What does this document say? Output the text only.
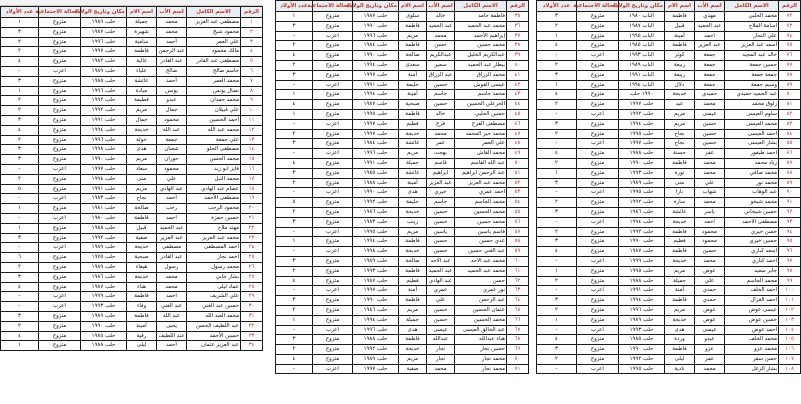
الرقم	الاسم الكامل	اسم الأب	اسم الام	مكان وتاريخ الولادة	الحالة الاجتماعية	عدد الأولاد
١	مصطفى عبد العزيز	محمد	جميلة	حلب ١٩٨٩	متزوج	١
٢	محمود شيخ	محمد	شهيرة	حلب ١٩٨٧	متزوج	٣
٣	علي العمر	أحمد	سامية	حلب ١٩٩٦	متزوج	٢
٤	مالك محمود	عبد الرحمن	فاطمة	حلب ١٩٩٧	متزوج	٢
٥	مصطفى عبد القادر	عبد القادر	غالية	حلب ١٩٨٢	متزوج	٤
٦	جاسم صالح	صالح	علياء	حلب ١٩٨٩	اعزب	-
٧	محمد العمر	أحمد	عائشة	حلب ١٩٨٥	متزوج	٣
٨	نضال يونس	يونس	ميادة	حلب ١٩٩٦	متزوج	١
٩	محمد حمدان	عبدو	فطيمة	حلب ١٩٩٢	متزوج	٢
١٠	علي قبيلان	جمال	مريم	حلب ١٩٩٢	متزوج	٢
١١	أحمد الحسين	محمود	جمال	حلب ١٩٩١	متزوج	٣
١٢	محمد عبد الله	عبد الله	خديجة	حلب ١٩٩٤	متزوج	٤
١٣	علي جمعة	جمعة	خولة	حلب ١٩٩٦	متزوج	٢
١٤	مصطفى الحلو	شعبان	هدى	حلب ١٩٩٨	متزوج	٣
١٥	محمد الحسن	حوران	مريم	حلب ١٩٩٠	متزوج	٣
١٦	فايز ابو زيد	محمود	سعاد	حلب ١٩٩٧	اعزب	-
١٧	محمد النبل	علي	منى	حلب ١٩٩٤	متزوج	٢
١٨	عصام عبد الهادي	عبد الهادي	مريم	حلب ١٩٩١	متزوج	٥
١٩	مصطفى الأحمد	أحمد	نجاح	حلب ١٩٨٣	اعزب	-
٢٠	محمود الرجب	رجب	صالحة	حلب ١٩٨١	متزوج	١
٢١	حسين حمزة	احمد	فاطمة	حلب ١٩٨٠	اعزب	-
٢٢	مهند ملاح	عبد الحميد	قبيل	حلب ١٩٨٨	متزوج	١
٢٣	محمد عبد العزيز	عبد العزيز	صفية	حلب ١٩٩٢	متزوج	٣
٢٤	احمد المصطفى	مصطفى	خديجة	حلب ١٩٨٩	اعزب	-
٢٥	احمد نجار	عبد القادر	صبحية	حلب ١٩٧٥	متزوج	٦
٢٦	محمد رسول	رسول	هيفاء	حلب ١٩٨٩	متزوج	٢
٢٧	بشار جابي	محمد	خديجة	حلب ١٩٨٦	متزوج	٣
٢٨	عماد ليلى	محمد	هناء	حلب ١٩٨٧	متزوج	٤
٢٩	علي الشريف	احمد	فاطمة	حلب ١٩٩٩	اعزب	-
٣٠	حسين عبد الغني	عبد الغني	وفاء	حلب ١٩٩٣	اعزب	-
٣١	محمد العبد الله	عبد الله	فاطمة	حلب ١٩٨٩	متزوج	٣
٣٢	عبد اللطيف الحسن	يحيى	أمينة	حلب ١٩٩٠	متزوج	٢
٣٣	حسين الأحمد	عبد اللطيف	رقية	حلب ١٩٨٥	متزوج	٤
٣٤	عبد العزيز عثمان	أحمد	ليلى	حلب ١٩٨٨	متزوج	١
الرقم	الاسم الكامل	اسم الأب	اسم الام	مكان وتاريخ الولادة	الحالة الاجتماعية	عدد الأولاد
٣٥	فاطمة حامد	خالد	سلوى	حلب ١٩٨٧	متزوج	١
٣٦	محمد عبد الحميد	عبد الحميد	فاطمة	حلب ١٩٩٠	متزوج	٣
٣٧	إبراهيم الأحمد	محمد	مريم	حلب ١٩٩٦	اعزب	-
٣٨	محمد حسين	حسن	فاطمة	حلب ١٩٨٤	متزوج	٢
٣٩	عبدالكريم الخليل	عبدالكريم	صالحة	حلب ١٩٩٠	متزوج	٤
٤٠	بيطار عبد الحميد	سمير	سعدى	حلب ١٩٩٤	متزوج	٢
٤١	محمد الرزاق	عبد الرزاق	آمنة	حلب ١٩٩٧	متزوج	٣
٤٢	عيسى القوش	حسين	حليمة	حلب ١٩٩١	اعزب	-
٤٣	محمد جاسم	جاسم	أمينة	حلب ١٩٩٤	متزوج	١
٤٤	الخزعلي الحسين	حسين	صبحية	حلب ١٩٨٧	متزوج	٤
٤٥	حسين الحلبي	خالد	فاطمة	حلب ١٩٩٥	متزوج	١
٤٦	مصطفى الفرج	فرج	فطيم	حلب ١٩٩٧	اعزب	-
٤٧	محمد خير المحمد	محمد	خديجة	حلب ١٩٩٧	متزوج	٢
٤٨	علي العمر	عمر	عائشة	حلب ١٩٨٤	متزوج	٣
٤٩	محمد القاش	بهجت	مريم	حلب ١٩٩٦	اعزب	-
٥٠	عبد الله القاسم	قاسم	جميلة	حلب ١٩٩١	متزوج	٤
٥١	عبد الرحمن ابراهيم	ابراهيم	عائشة	حلب ١٩٨٥	متزوج	٣
٥٢	محمد عبد العزيز	عبد العزيز	أمينة	حلب ١٩٨٨	متزوج	٢
٥٣	احمد عمري	خيري	هدى	حلب ١٩٩٠	اعزب	-
٥٤	محمد الجاسم	جاسم	حليمة	حلب ١٩٩٢	متزوج	٥
٥٥	محمد الحسين	حسين	خديجة	حلب ١٩٨٦	متزوج	٢
٥٦	محمد حسين	حسين	زينب	حلب ١٩٨٣	متزوج	٣
٥٧	قاسم ياسين	ياسين	مريم	حلب ١٩٩٥	اعزب	-
٥٨	عدي حسين	حسين	فاطمة	حلب ١٩٩٤	متزوج	١
٥٩	عبد الغني حسين	حسين	خديجة	حلب ١٩٩٨	اعزب	-
٦٠	محمد عبد الاحد	عبد الاحد	صالحة	حلب ١٩٨٩	متزوج	٣
٦١	محمد عبد الحميد	عبد الحميد	فاطمة	حلب ١٩٩٣	متزوج	٢
٦٢	حسن	عبد الهادي	فطيم	حلب ١٩٨٧	متزوج	٤
٦٣	نور عمري	عمري	آمنة	حلب ١٩٩٧	اعزب	-
٦٤	عبد الرحمن	علي	فاطمة	حلب ١٩٩٠	متزوج	٣
٦٥	عثمان الحسين	حسين	مريم	حلب ١٩٨٦	متزوج	٢
٦٦	محمد الحسين	حسين	جميلة	حلب ١٩٩٤	متزوج	١
٦٧	عبد الخالق العيسى	عيسى	هدى	حلب ١٩٩٦	اعزب	-
٦٨	هناء عبدالله	عبدالله	فاطمة	حلب ١٩٨٨	متزوج	٣
٦٩	حسين نجار	نجار	خديجة	حلب ١٩٩٢	متزوج	٢
٧٠	محمد نجار	نجار	مريم	حلب ١٩٨٩	متزوج	٤
٧١	محمد نجار	محمد	صفية	حلب ١٩٩٧	اعزب	-
الرقم	الاسم الكامل	اسم الأب	اسم الام	مكان وتاريخ الولادة	الحالة الاجتماعية	عدد الأولاد
٧٢	محمد الحلبي	مهدي	فاطمة	الباب ١٩٨٠	متزوج	٣
٧٣	اسامة الملاح	عبد الحميد	قبيل	الباب ١٩٨٧	متزوج	٢
٧٤	علي النجار	احمد	أمينة	الباب ١٩٩٥	متزوج	١
٧٥	أسعد عبد العزيز	عبد العزيز	فاطمة	الباب ١٩٨٥	متزوج	٤
٧٦	خالد عبد المجيد	جمعة	كوثر	الباب ١٩٩٣	اعزب	-
٧٧	حسين جمعة	جمعة	ربيعة	الباب ١٩٨٩	متزوج	٢
٧٨	جمعة جمعة	جمعة	ربيعة	الباب ١٩٩١	متزوج	٣
٧٩	وسيم جمعة	جمعة	دلال	الباب ١٩٩٤	متزوج	١
٨٠	عبد الحميد حميدي	حميدي	خديجة	١٩٩٠ حلب	متزوج	٤
٨١	زلوق محمد	محمد	عيد	حلب ١٩٩٧	متزوج	٢
٨٢	سلوم العيسى	عيسى	مريم	حلب ١٩٩٢	اعزب	-
٨٣	محمد العيسى	حسين	مريم	حلب ١٩٩٤	متزوج	٣
٨٤	احمد العيسى	حسين	نجاح	حلب ١٩٩٥	متزوج	٢
٨٥	بشار العيسى	حسين	نجاح	حلب ١٩٩٧	اعزب	-
٨٦	احمد طيفور	عمر	حسنة	حلب ١٩٨٨	متزوج	٤
٨٧	زياد محمد	محمد	فاطمة	حلب ١٩٩٠	متزوج	٢
٨٨	محمد صافي	محمد	نورة	حلب ١٩٩٣	متزوج	١
٨٩	محمد نور	علي	منى	حلب ١٩٨٩	متزوج	٣
٩٠	عبد الوهاب	شهاب	بارا	حلب ١٩٩٥	اعزب	-
٩١	محمد شيخو	محمد	سارة	حلب ١٩٩٢	متزوج	٢
٩٢	حسين شيخاني	ياسر	عائشة	حلب ١٩٨٦	متزوج	٣
٩٣	مصطفى الاحمد	احمد	خديجة	حلب ١٩٩٤	اعزب	-
٩٤	حسن خيري	محمود	فاطمة	حلب ١٩٩٢	متزوج	٢
٩٥	حسين خيري	محمود	فطيم	حلب ١٩٩٠	متزوج	٣
٩٦	اسعد كباري	حسين	فاطمة	حلب ١٩٨٧	متزوج	٤
٩٧	احمد كباري	محمد	خديجة	حلب ١٩٩٩	اعزب	-
٩٨	جابر سعيد	عوض	مريم	حلب ١٩٩٥	متزوج	١
٩٩	محمد الجاسم	علي	جميلة	حلب ١٩٨٨	متزوج	٢
١٠٠	احمد الخلف	حمدي	آمنة	حلب ١٩٩١	اعزب	-
١٠١	احمد الغزال	حمدي	فاطمة	حلب ١٩٩٤	متزوج	٣
١٠٢	عيسى عوض	عوض	مريم	حلب ١٩٩٦	متزوج	٢
١٠٣	حسين عوض	عوض	خديجة	حلب ١٩٨٩	متزوج	١
١٠٤	احمد عوض	عيسى	هدى	حلب ١٩٩٣	اعزب	-
١٠٥	محمد الخلف	عيدو	وردة	حلب ١٩٨٥	متزوج	٤
١٠٦	محمد عزو	عزو	فاطمة	حلب ١٩٩٠	متزوج	٣
١٠٧	حسن سفر	عمر	ليلى	حلب ١٩٩٢	متزوج	٢
١٠٨	بشار الزغل	محمد	نادية	حلب ١٩٩٥	اعزب	-
